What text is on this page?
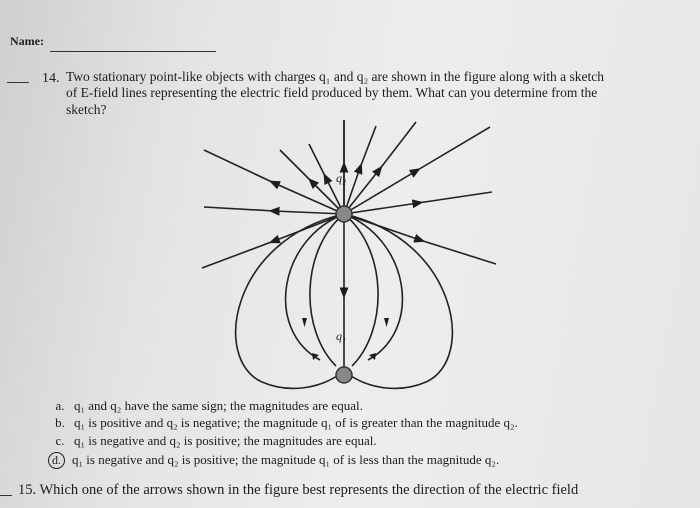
Name:
14. Two stationary point-like objects with charges q₁ and q₂ are shown in the figure along with a sketch
of E-field lines representing the electric field produced by them. What can you determine from the
sketch?
q₂
q₁
a. q₁ and q₂ have the same sign; the magnitudes are equal.
b. q₁ is positive and q₂ is negative; the magnitude q₁ of is greater than the magnitude q₂.
c. q₁ is negative and q₂ is positive; the magnitudes are equal.
d. q₁ is negative and q₂ is positive; the magnitude q₁ of is less than the magnitude q₂.
15. Which one of the arrows shown in the figure best represents the direction of the electric field
